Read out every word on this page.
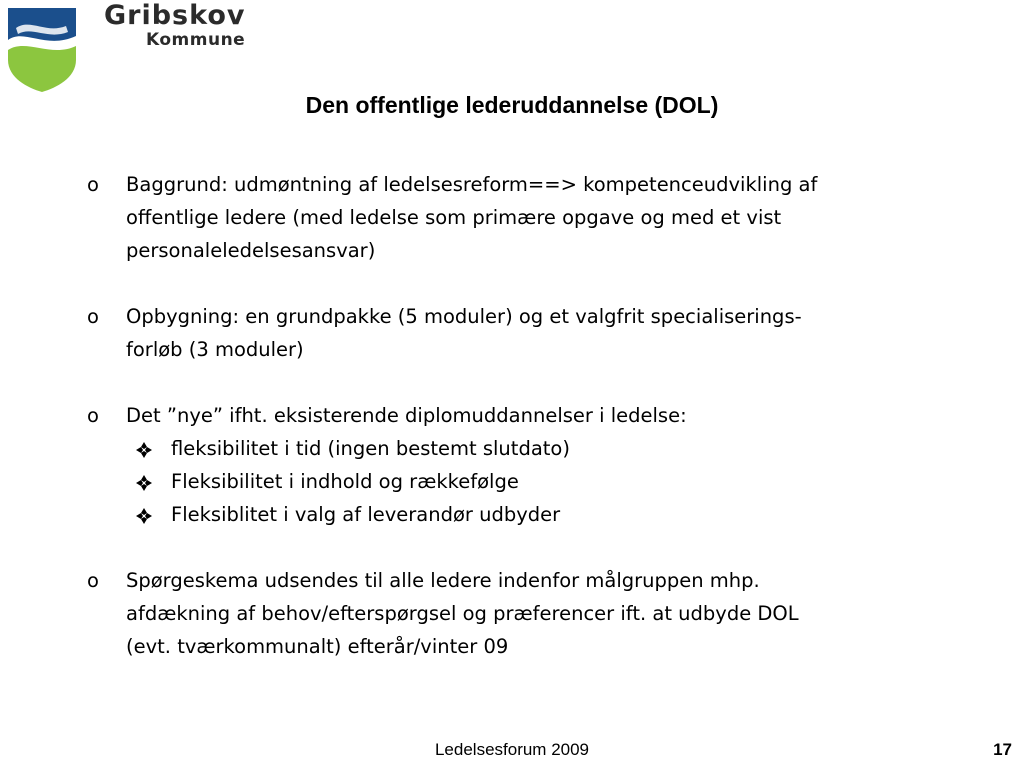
Gribskov
Kommune
Den offentlige lederuddannelse (DOL)
o Baggrund: udmøntning af ledelsesreform==> kompetenceudvikling af
offentlige ledere (med ledelse som primære opgave og med et vist
personaleledelsesansvar)
o Opbygning: en grundpakke (5 moduler) og et valgfrit specialiserings-
forløb (3 moduler)
o Det ”nye” ifht. eksisterende diplomuddannelser i ledelse:
fleksibilitet i tid (ingen bestemt slutdato)
Fleksibilitet i indhold og rækkefølge
Fleksiblitet i valg af leverandør udbyder
o Spørgeskema udsendes til alle ledere indenfor målgruppen mhp.
afdækning af behov/efterspørgsel og præferencer ift. at udbyde DOL
(evt. tværkommunalt) efterår/vinter 09
Ledelsesforum 2009	17
